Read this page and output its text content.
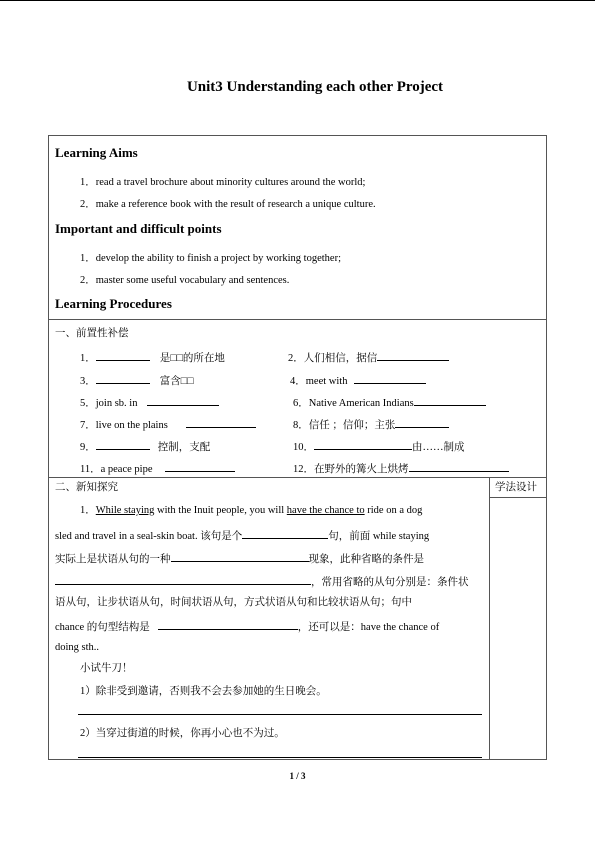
Unit3 Understanding each other Project
Learning Aims
1．read a travel brochure about minority cultures around the world;
2．make a reference book with the result of research a unique culture.
Important and difficult points
1．develop the ability to finish a project by working together;
2．master some useful vocabulary and sentences.
Learning Procedures
一、前置性补偿
1．	是□□的所在地	2．人们相信，据信
3．	富含□□	4．meet with
5．join sb. in	6．Native American Indians
7．live on the plains	8．信任 ；信仰；主张
9．	控制，支配	10．	由……制成
11．a peace pipe	12．在野外的篝火上烘烤
二、新知探究	学法设计
1．While staying with the Inuit people, you will have the chance to ride on a dog
sled and travel in a seal-skin boat. 该句是个	句，前面 while staying
实际上是状语从句的一种	现象，此种省略的条件是
，常用省略的从句分别是：条件状
语从句，让步状语从句，时间状语从句，方式状语从句和比较状语从句；句中
chance 的句型结构是	，还可以是：have the chance of
doing sth..
小试牛刀！
1）除非受到邀请，否则我不会去参加她的生日晚会。
2）当穿过街道的时候，你再小心也不为过。
1 / 3
